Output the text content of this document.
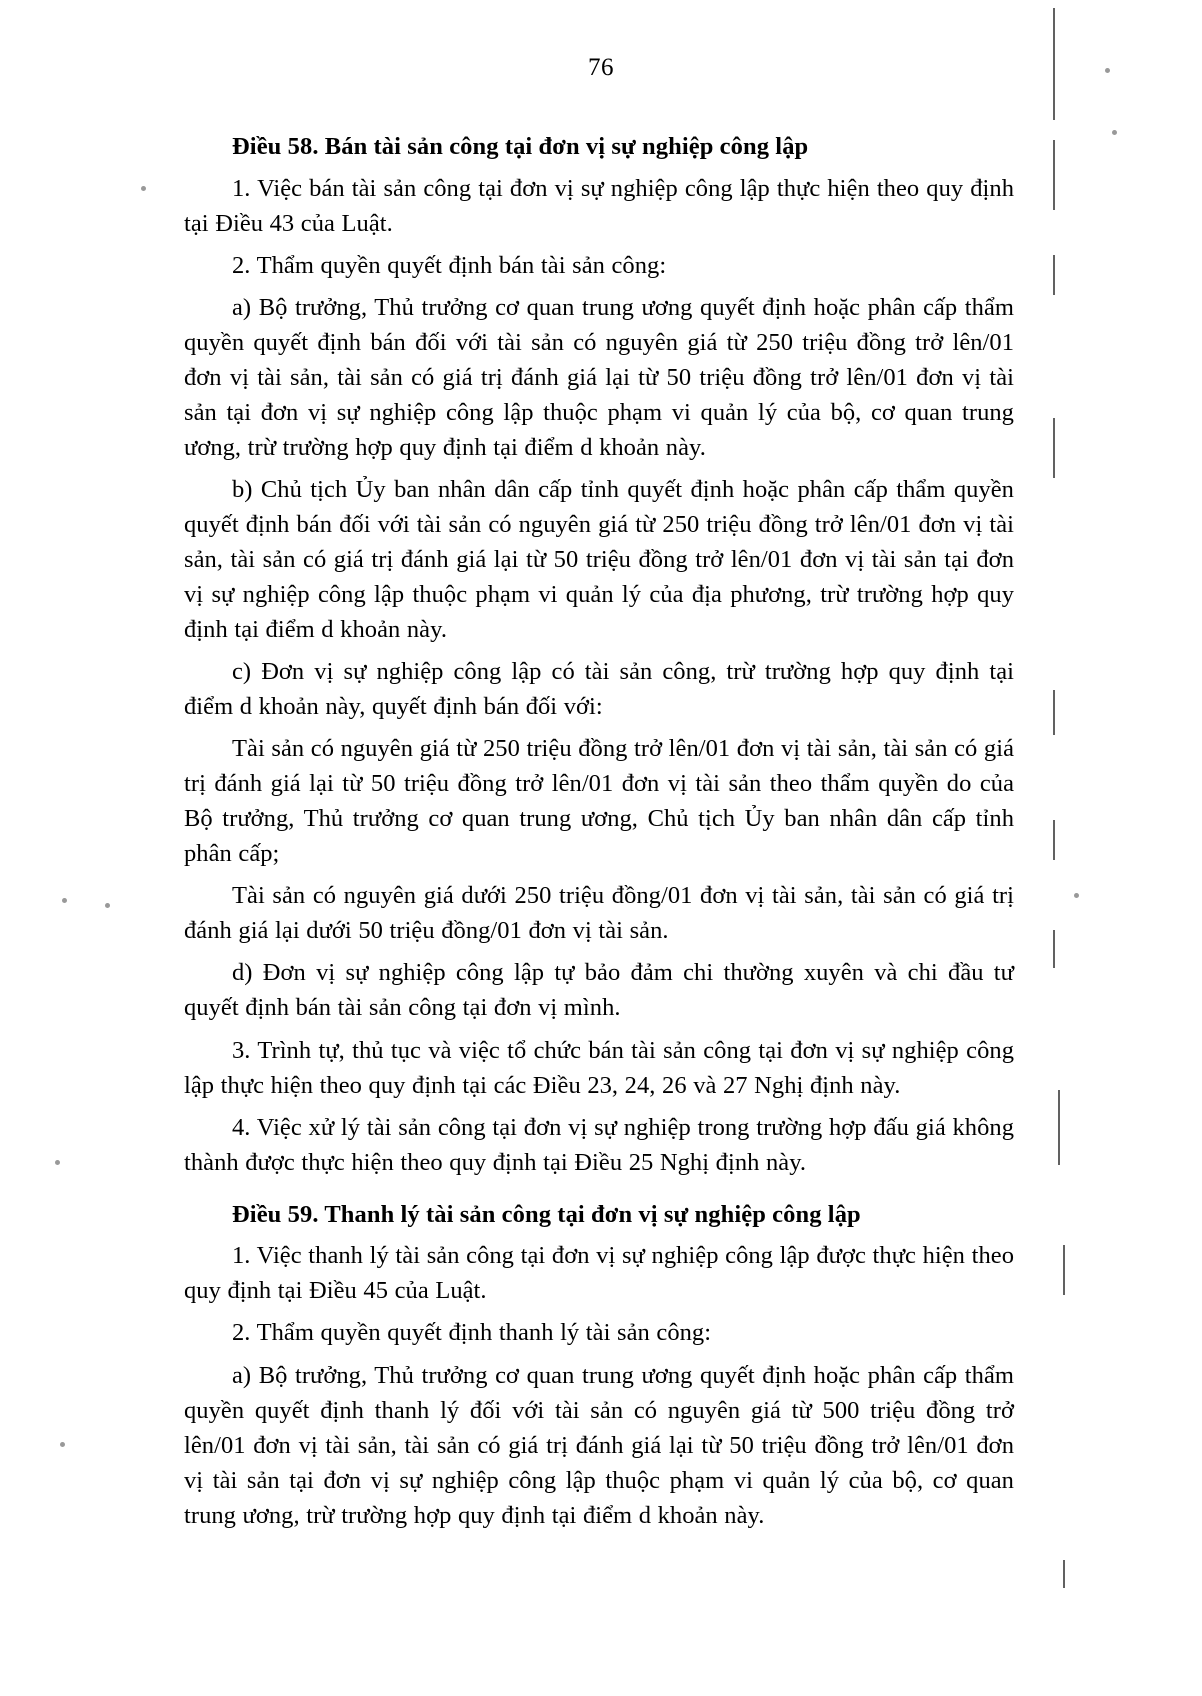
76

Điều 58. Bán tài sản công tại đơn vị sự nghiệp công lập

1. Việc bán tài sản công tại đơn vị sự nghiệp công lập thực hiện theo quy định tại Điều 43 của Luật.

2. Thẩm quyền quyết định bán tài sản công:

a) Bộ trưởng, Thủ trưởng cơ quan trung ương quyết định hoặc phân cấp thẩm quyền quyết định bán đối với tài sản có nguyên giá từ 250 triệu đồng trở lên/01 đơn vị tài sản, tài sản có giá trị đánh giá lại từ 50 triệu đồng trở lên/01 đơn vị tài sản tại đơn vị sự nghiệp công lập thuộc phạm vi quản lý của bộ, cơ quan trung ương, trừ trường hợp quy định tại điểm d khoản này.

b) Chủ tịch Ủy ban nhân dân cấp tỉnh quyết định hoặc phân cấp thẩm quyền quyết định bán đối với tài sản có nguyên giá từ 250 triệu đồng trở lên/01 đơn vị tài sản, tài sản có giá trị đánh giá lại từ 50 triệu đồng trở lên/01 đơn vị tài sản tại đơn vị sự nghiệp công lập thuộc phạm vi quản lý của địa phương, trừ trường hợp quy định tại điểm d khoản này.

c) Đơn vị sự nghiệp công lập có tài sản công, trừ trường hợp quy định tại điểm d khoản này, quyết định bán đối với:

Tài sản có nguyên giá từ 250 triệu đồng trở lên/01 đơn vị tài sản, tài sản có giá trị đánh giá lại từ 50 triệu đồng trở lên/01 đơn vị tài sản theo thẩm quyền do của Bộ trưởng, Thủ trưởng cơ quan trung ương, Chủ tịch Ủy ban nhân dân cấp tỉnh phân cấp;

Tài sản có nguyên giá dưới 250 triệu đồng/01 đơn vị tài sản, tài sản có giá trị đánh giá lại dưới 50 triệu đồng/01 đơn vị tài sản.

d) Đơn vị sự nghiệp công lập tự bảo đảm chi thường xuyên và chi đầu tư quyết định bán tài sản công tại đơn vị mình.

3. Trình tự, thủ tục và việc tổ chức bán tài sản công tại đơn vị sự nghiệp công lập thực hiện theo quy định tại các Điều 23, 24, 26 và 27 Nghị định này.

4. Việc xử lý tài sản công tại đơn vị sự nghiệp trong trường hợp đấu giá không thành được thực hiện theo quy định tại Điều 25 Nghị định này.

Điều 59. Thanh lý tài sản công tại đơn vị sự nghiệp công lập

1. Việc thanh lý tài sản công tại đơn vị sự nghiệp công lập được thực hiện theo quy định tại Điều 45 của Luật.

2. Thẩm quyền quyết định thanh lý tài sản công:

a) Bộ trưởng, Thủ trưởng cơ quan trung ương quyết định hoặc phân cấp thẩm quyền quyết định thanh lý đối với tài sản có nguyên giá từ 500 triệu đồng trở lên/01 đơn vị tài sản, tài sản có giá trị đánh giá lại từ 50 triệu đồng trở lên/01 đơn vị tài sản tại đơn vị sự nghiệp công lập thuộc phạm vi quản lý của bộ, cơ quan trung ương, trừ trường hợp quy định tại điểm d khoản này.
